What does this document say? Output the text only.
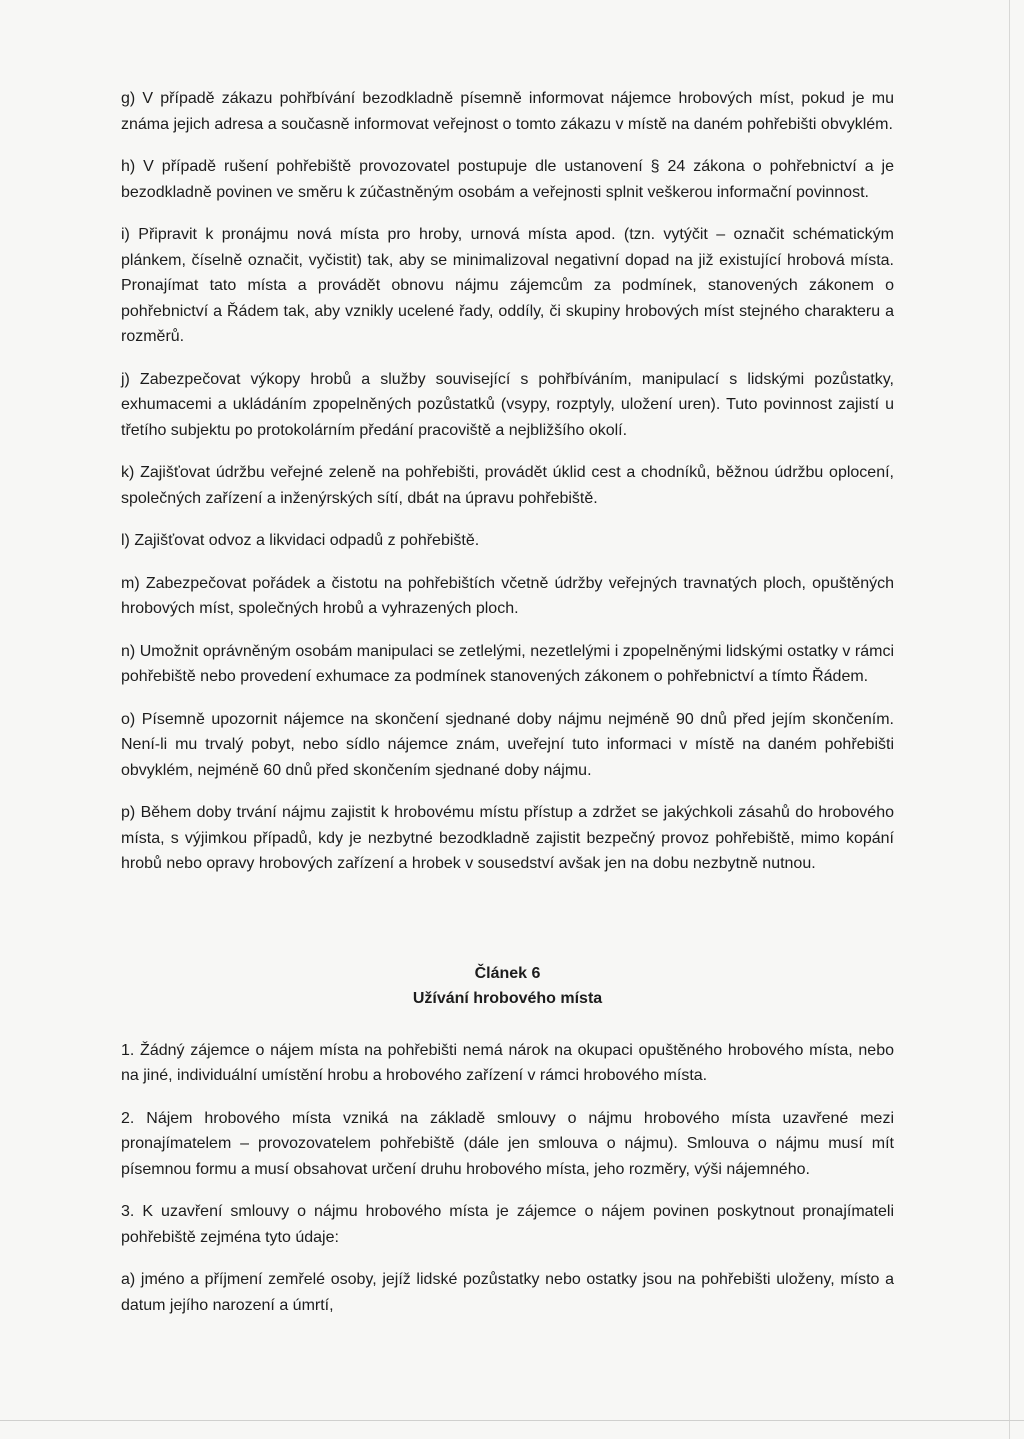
g) V případě zákazu pohřbívání bezodkladně písemně informovat nájemce hrobových míst, pokud je mu známa jejich adresa a současně informovat veřejnost o tomto zákazu v místě na daném pohřebišti obvyklém.

h) V případě rušení pohřebiště provozovatel postupuje dle ustanovení § 24 zákona o pohřebnictví a je bezodkladně povinen ve směru k zúčastněným osobám a veřejnosti splnit veškerou informační povinnost.

i) Připravit k pronájmu nová místa pro hroby, urnová místa apod. (tzn. vytýčit – označit schématickým plánkem, číselně označit, vyčistit) tak, aby se minimalizoval negativní dopad na již existující hrobová místa. Pronajímat tato místa a provádět obnovu nájmu zájemcům za podmínek, stanovených zákonem o pohřebnictví a Řádem tak, aby vznikly ucelené řady, oddíly, či skupiny hrobových míst stejného charakteru a rozměrů.

j) Zabezpečovat výkopy hrobů a služby související s pohřbíváním, manipulací s lidskými pozůstatky, exhumacemi a ukládáním zpopelněných pozůstatků (vsypy, rozptyly, uložení uren). Tuto povinnost zajistí u třetího subjektu po protokolárním předání pracoviště a nejbližšího okolí.

k) Zajišťovat údržbu veřejné zeleně na pohřebišti, provádět úklid cest a chodníků, běžnou údržbu oplocení, společných zařízení a inženýrských sítí, dbát na úpravu pohřebiště.

l) Zajišťovat odvoz a likvidaci odpadů z pohřebiště.

m) Zabezpečovat pořádek a čistotu na pohřebištích včetně údržby veřejných travnatých ploch, opuštěných hrobových míst, společných hrobů a vyhrazených ploch.

n) Umožnit oprávněným osobám manipulaci se zetlelými, nezetlelými i zpopelněnými lidskými ostatky v rámci pohřebiště nebo provedení exhumace za podmínek stanovených zákonem o pohřebnictví a tímto Řádem.

o) Písemně upozornit nájemce na skončení sjednané doby nájmu nejméně 90 dnů před jejím skončením. Není-li mu trvalý pobyt, nebo sídlo nájemce znám, uveřejní tuto informaci v místě na daném pohřebišti obvyklém, nejméně 60 dnů před skončením sjednané doby nájmu.

p) Během doby trvání nájmu zajistit k hrobovému místu přístup a zdržet se jakýchkoli zásahů do hrobového místa, s výjimkou případů, kdy je nezbytné bezodkladně zajistit bezpečný provoz pohřebiště, mimo kopání hrobů nebo opravy hrobových zařízení a hrobek v sousedství avšak jen na dobu nezbytně nutnou.

Článek 6
Užívání hrobového místa

1. Žádný zájemce o nájem místa na pohřebišti nemá nárok na okupaci opuštěného hrobového místa, nebo na jiné, individuální umístění hrobu a hrobového zařízení v rámci hrobového místa.

2. Nájem hrobového místa vzniká na základě smlouvy o nájmu hrobového místa uzavřené mezi pronajímatelem – provozovatelem pohřebiště (dále jen smlouva o nájmu). Smlouva o nájmu musí mít písemnou formu a musí obsahovat určení druhu hrobového místa, jeho rozměry, výši nájemného.

3. K uzavření smlouvy o nájmu hrobového místa je zájemce o nájem povinen poskytnout pronajímateli pohřebiště zejména tyto údaje:

a) jméno a příjmení zemřelé osoby, jejíž lidské pozůstatky nebo ostatky jsou na pohřebišti uloženy, místo a datum jejího narození a úmrtí,
